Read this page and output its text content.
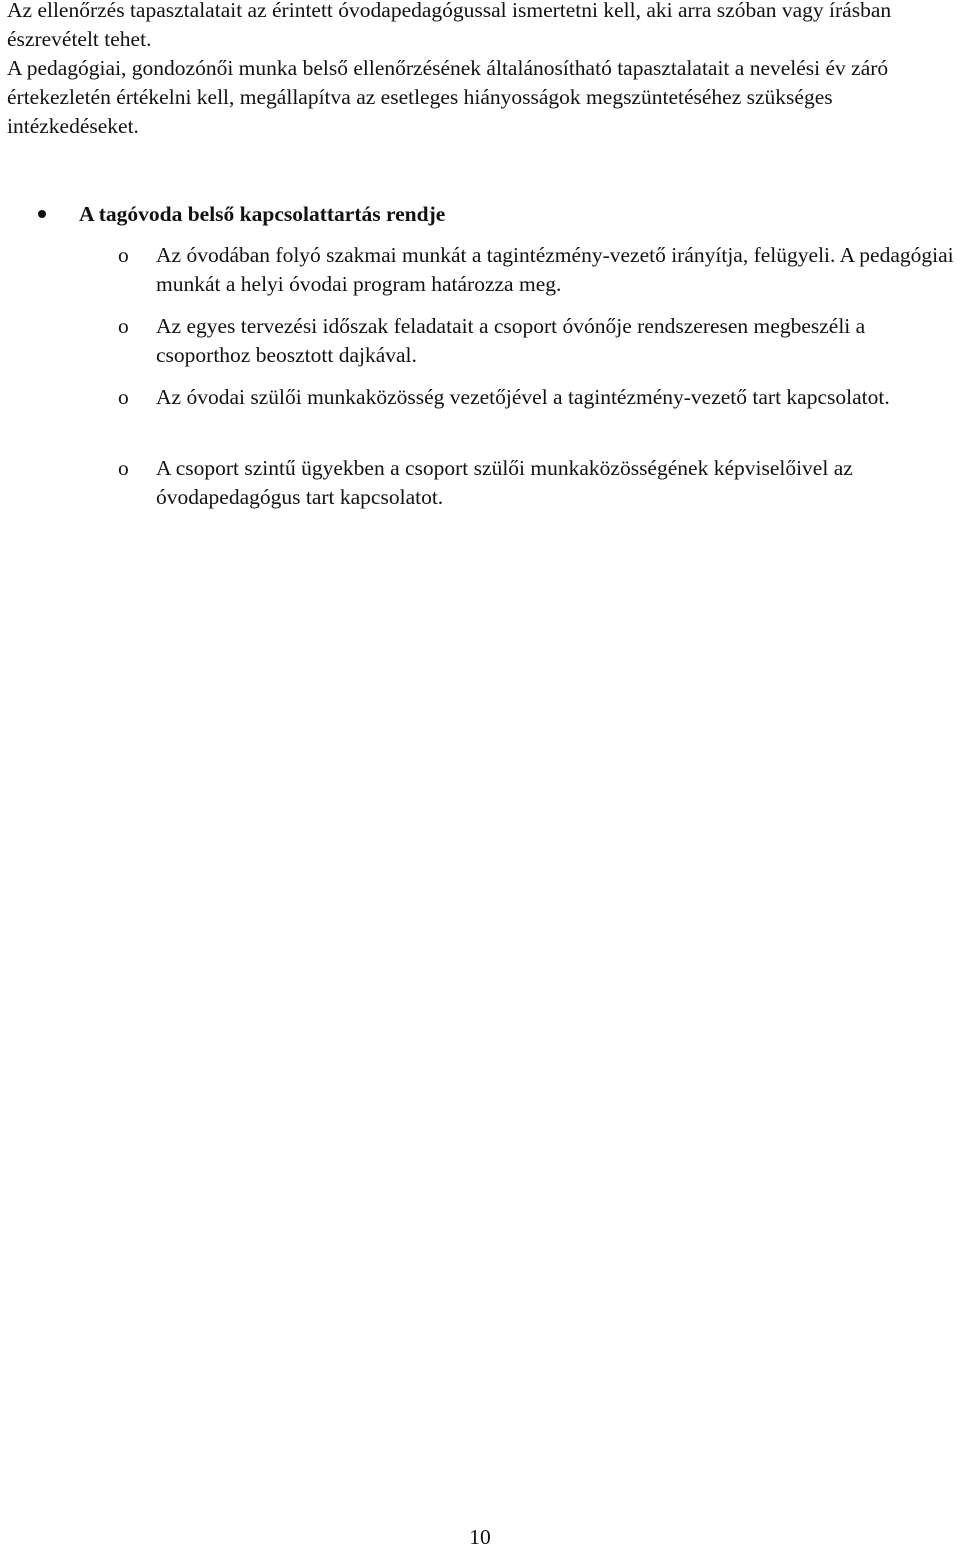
Az ellenőrzés tapasztalatait az érintett óvodapedagógussal ismertetni kell, aki arra szóban vagy írásban észrevételt tehet.

A pedagógiai, gondozónői munka belső ellenőrzésének általánosítható tapasztalatait a nevelési év záró értekezletén értékelni kell, megállapítva az esetleges hiányosságok megszüntetéséhez szükséges intézkedéseket.

A tagóvoda belső kapcsolattartás rendje
o	Az óvodában folyó szakmai munkát a tagintézmény-vezető irányítja, felügyeli. A pedagógiai munkát a helyi óvodai program határozza meg.

o	Az egyes tervezési időszak feladatait a csoport óvónője rendszeresen megbeszéli a csoporthoz beosztott dajkával.

o	Az óvodai szülői munkaközösség vezetőjével a tagintézmény-vezető tart kapcsolatot.

o	A csoport szintű ügyekben a csoport szülői munkaközösségének képviselőivel az óvodapedagógus tart kapcsolatot.

10
